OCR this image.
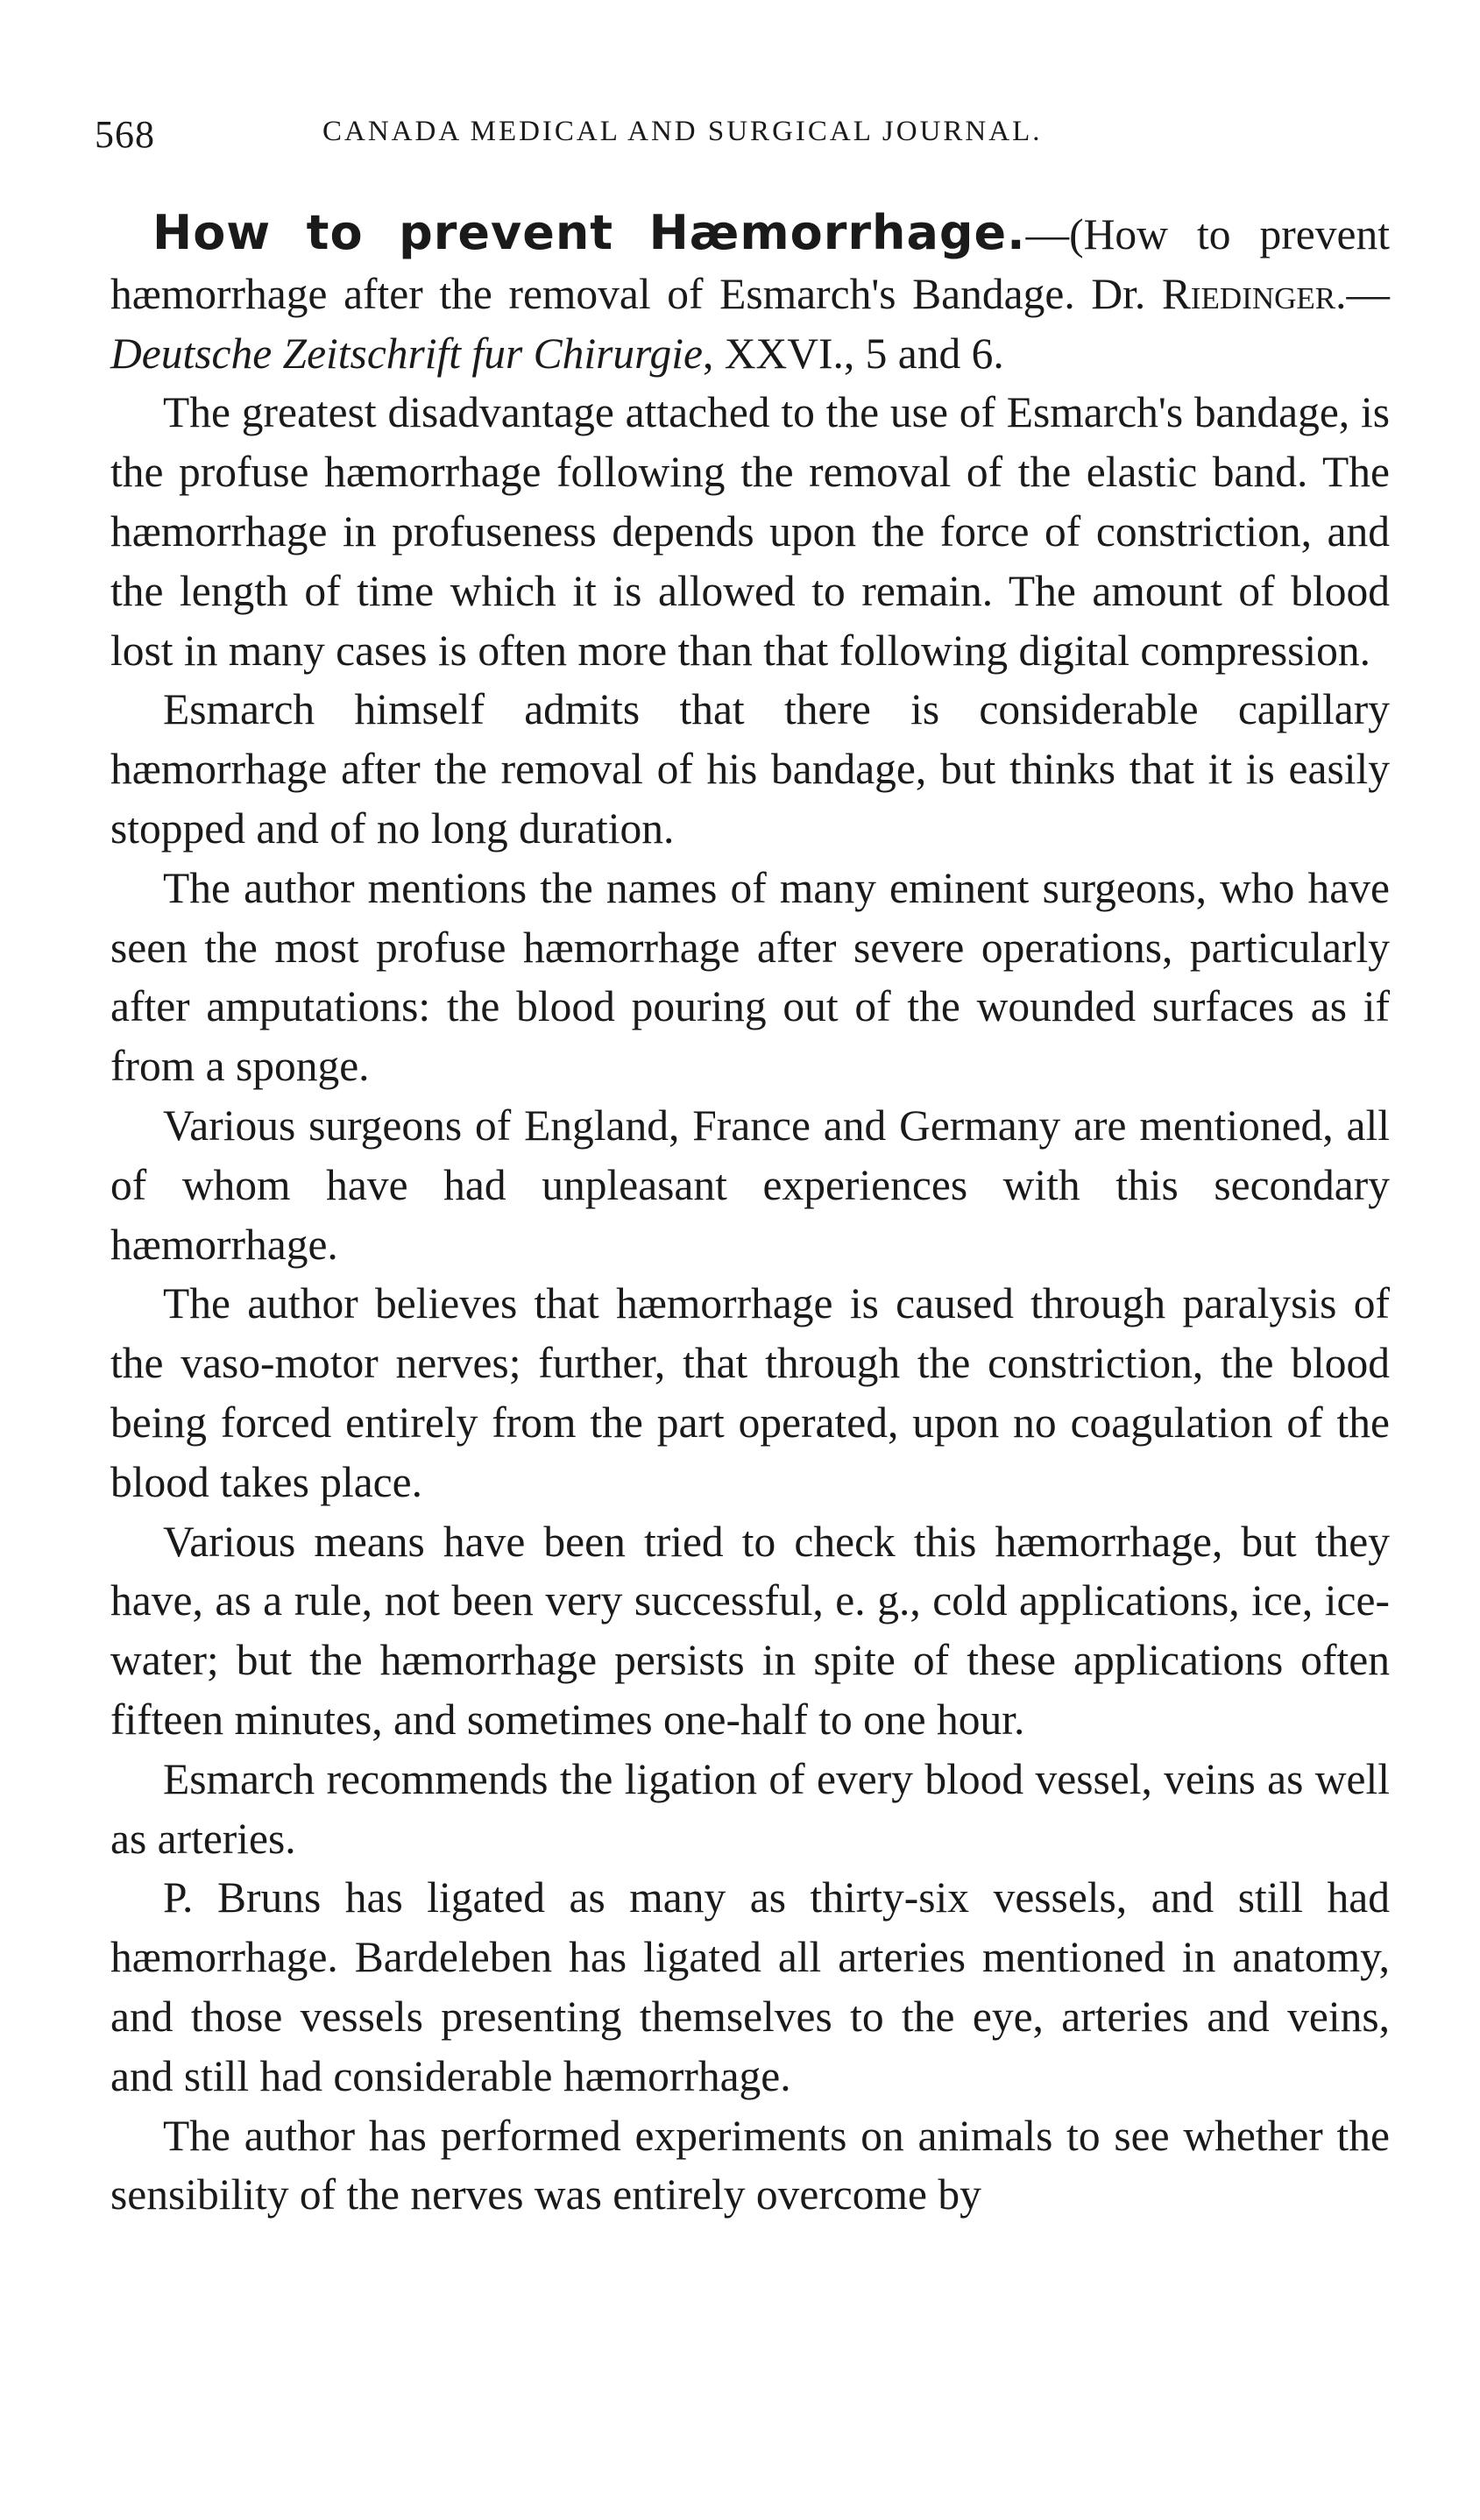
568	CANADA MEDICAL AND SURGICAL JOURNAL.

How to prevent Hæmorrhage.—(How to prevent hæmorrhage after the removal of Esmarch's Bandage. Dr. Riedinger.—Deutsche Zeitschrift fur Chirurgie, XXVI., 5 and 6.

The greatest disadvantage attached to the use of Esmarch's bandage, is the profuse hæmorrhage following the removal of the elastic band. The hæmorrhage in profuseness depends upon the force of constriction, and the length of time which it is allowed to remain. The amount of blood lost in many cases is often more than that following digital compression.

Esmarch himself admits that there is considerable capillary hæmorrhage after the removal of his bandage, but thinks that it is easily stopped and of no long duration.

The author mentions the names of many eminent surgeons, who have seen the most profuse hæmorrhage after severe operations, particularly after amputations: the blood pouring out of the wounded surfaces as if from a sponge.

Various surgeons of England, France and Germany are mentioned, all of whom have had unpleasant experiences with this secondary hæmorrhage.

The author believes that hæmorrhage is caused through paralysis of the vaso-motor nerves; further, that through the constriction, the blood being forced entirely from the part operated, upon no coagulation of the blood takes place.

Various means have been tried to check this hæmorrhage, but they have, as a rule, not been very successful, e. g., cold applications, ice, ice-water; but the hæmorrhage persists in spite of these applications often fifteen minutes, and sometimes one-half to one hour.

Esmarch recommends the ligation of every blood vessel, veins as well as arteries.

P. Bruns has ligated as many as thirty-six vessels, and still had hæmorrhage. Bardeleben has ligated all arteries mentioned in anatomy, and those vessels presenting themselves to the eye, arteries and veins, and still had considerable hæmorrhage.

The author has performed experiments on animals to see whether the sensibility of the nerves was entirely overcome by
